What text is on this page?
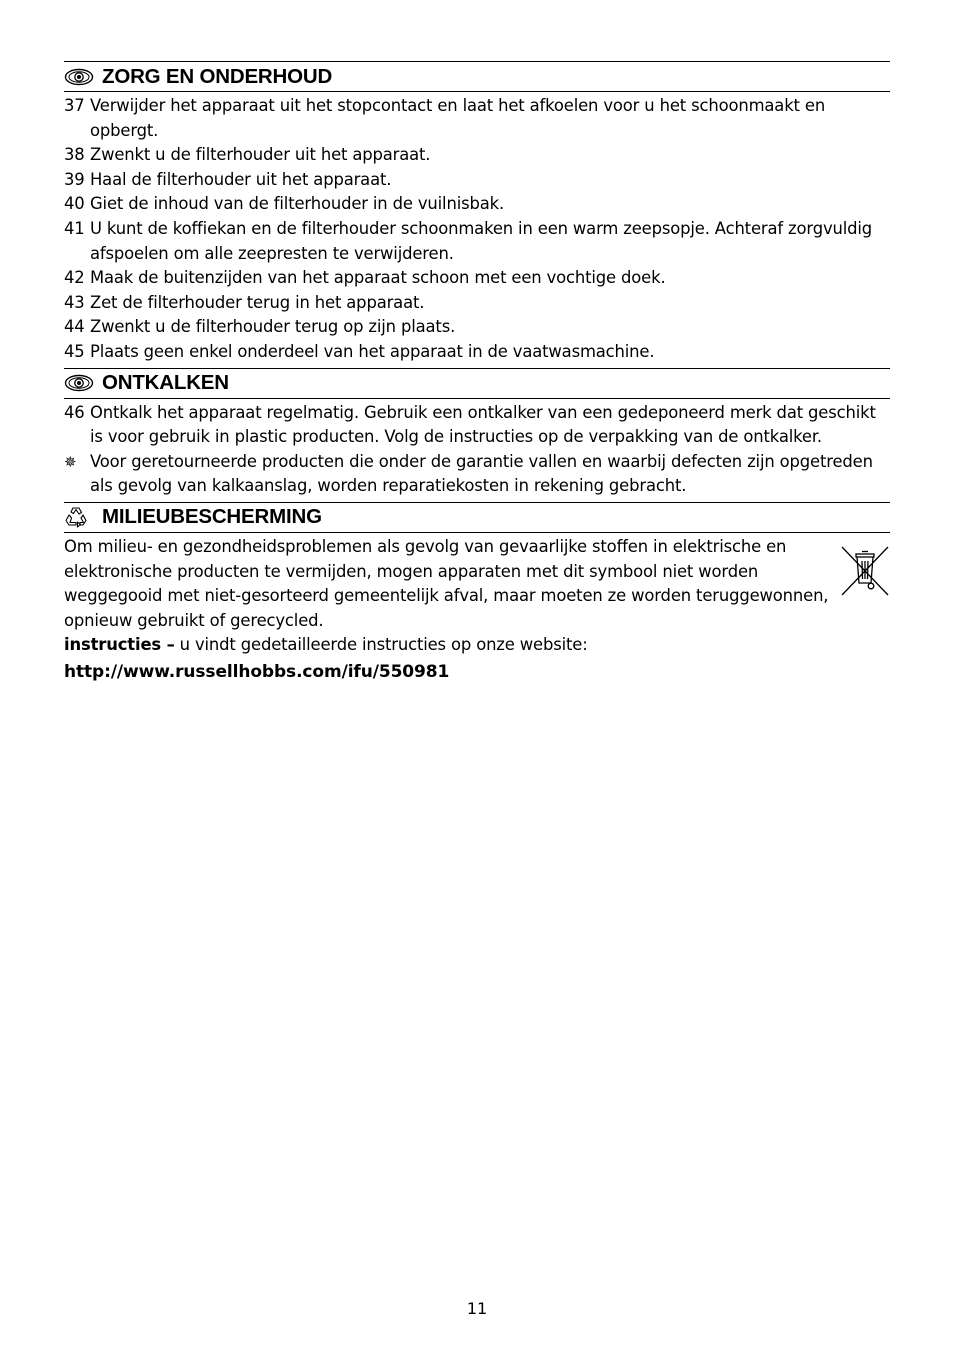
ZORG EN ONDERHOUD
37 Verwijder het apparaat uit het stopcontact en laat het afkoelen voor u het schoonmaakt en opbergt.
38 Zwenkt u de filterhouder uit het apparaat.
39 Haal de filterhouder uit het apparaat.
40 Giet de inhoud van de filterhouder in de vuilnisbak.
41 U kunt de koffiekan en de filterhouder schoonmaken in een warm zeepsopje. Achteraf zorgvuldig afspoelen om alle zeepresten te verwijderen.
42 Maak de buitenzijden van het apparaat schoon met een vochtige doek.
43 Zet de filterhouder terug in het apparaat.
44 Zwenkt u de filterhouder terug op zijn plaats.
45 Plaats geen enkel onderdeel van het apparaat in de vaatwasmachine.
ONTKALKEN
46 Ontkalk het apparaat regelmatig. Gebruik een ontkalker van een gedeponeerd merk dat geschikt is voor gebruik in plastic producten. Volg de instructies op de verpakking van de ontkalker.
✵ Voor geretourneerde producten die onder de garantie vallen en waarbij defecten zijn opgetreden als gevolg van kalkaanslag, worden reparatiekosten in rekening gebracht.
MILIEUBESCHERMING
Om milieu- en gezondheidsproblemen als gevolg van gevaarlijke stoffen in elektrische en elektronische producten te vermijden, mogen apparaten met dit symbool niet worden weggegooid met niet-gesorteerd gemeentelijk afval, maar moeten ze worden teruggewonnen, opnieuw gebruikt of gerecycled.
instructies – u vindt gedetailleerde instructies op onze website:
http://www.russellhobbs.com/ifu/550981
11
